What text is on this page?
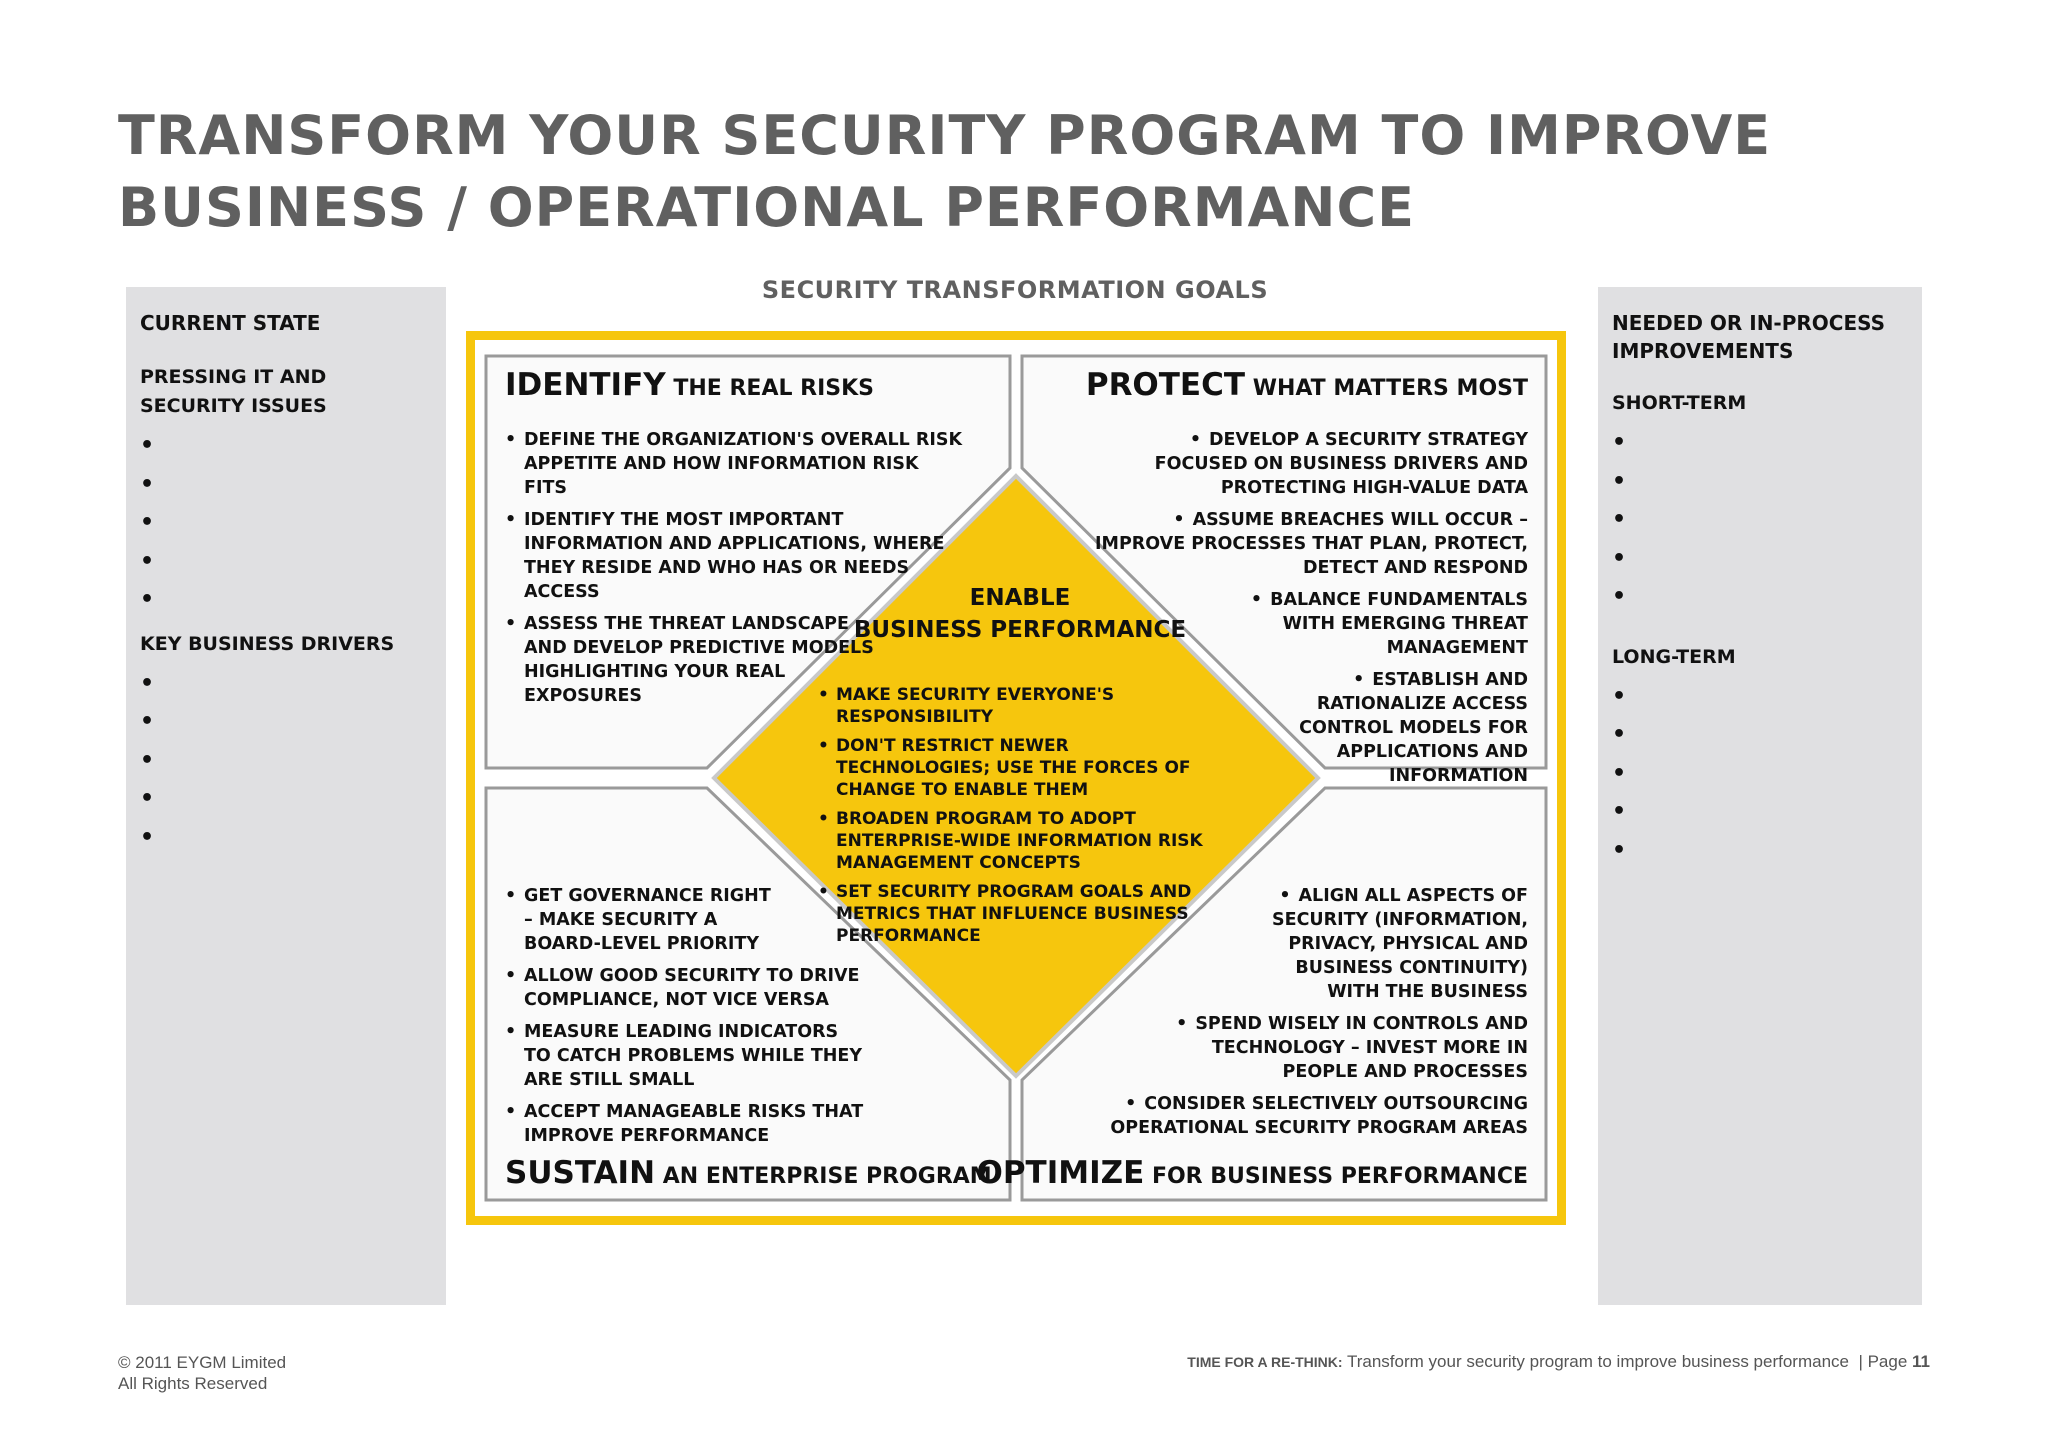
TRANSFORM YOUR SECURITY PROGRAM TO IMPROVE BUSINESS / OPERATIONAL PERFORMANCE
CURRENT STATE
PRESSING IT AND SECURITY ISSUES
•
•
•
•
•
KEY BUSINESS DRIVERS
•
•
•
•
•
NEEDED OR IN-PROCESS IMPROVEMENTS
SHORT-TERM
•
•
•
•
•
LONG-TERM
•
•
•
•
•
SECURITY TRANSFORMATION GOALS
IDENTIFY THE REAL RISKS
• DEFINE THE ORGANIZATION'S OVERALL RISK APPETITE AND HOW INFORMATION RISK FITS
• IDENTIFY THE MOST IMPORTANT INFORMATION AND APPLICATIONS, WHERE THEY RESIDE AND WHO HAS OR NEEDS ACCESS
• ASSESS THE THREAT LANDSCAPE AND DEVELOP PREDICTIVE MODELS HIGHLIGHTING YOUR REAL EXPOSURES
PROTECT WHAT MATTERS MOST
• DEVELOP A SECURITY STRATEGY FOCUSED ON BUSINESS DRIVERS AND PROTECTING HIGH-VALUE DATA
• ASSUME BREACHES WILL OCCUR – IMPROVE PROCESSES THAT PLAN, PROTECT, DETECT AND RESPOND
• BALANCE FUNDAMENTALS WITH EMERGING THREAT MANAGEMENT
• ESTABLISH AND RATIONALIZE ACCESS CONTROL MODELS FOR APPLICATIONS AND INFORMATION
• GET GOVERNANCE RIGHT – MAKE SECURITY A BOARD-LEVEL PRIORITY
• ALLOW GOOD SECURITY TO DRIVE COMPLIANCE, NOT VICE VERSA
• MEASURE LEADING INDICATORS TO CATCH PROBLEMS WHILE THEY ARE STILL SMALL
• ACCEPT MANAGEABLE RISKS THAT IMPROVE PERFORMANCE
SUSTAIN AN ENTERPRISE PROGRAM
• ALIGN ALL ASPECTS OF SECURITY (INFORMATION, PRIVACY, PHYSICAL AND BUSINESS CONTINUITY) WITH THE BUSINESS
• SPEND WISELY IN CONTROLS AND TECHNOLOGY – INVEST MORE IN PEOPLE AND PROCESSES
• CONSIDER SELECTIVELY OUTSOURCING OPERATIONAL SECURITY PROGRAM AREAS
OPTIMIZE FOR BUSINESS PERFORMANCE
ENABLE
BUSINESS PERFORMANCE
• MAKE SECURITY EVERYONE'S RESPONSIBILITY
• DON'T RESTRICT NEWER TECHNOLOGIES; USE THE FORCES OF CHANGE TO ENABLE THEM
• BROADEN PROGRAM TO ADOPT ENTERPRISE-WIDE INFORMATION RISK MANAGEMENT CONCEPTS
• SET SECURITY PROGRAM GOALS AND METRICS THAT INFLUENCE BUSINESS PERFORMANCE
© 2011 EYGM Limited
All Rights Reserved
TIME FOR A RE-THINK: Transform your security program to improve business performance | Page 11
